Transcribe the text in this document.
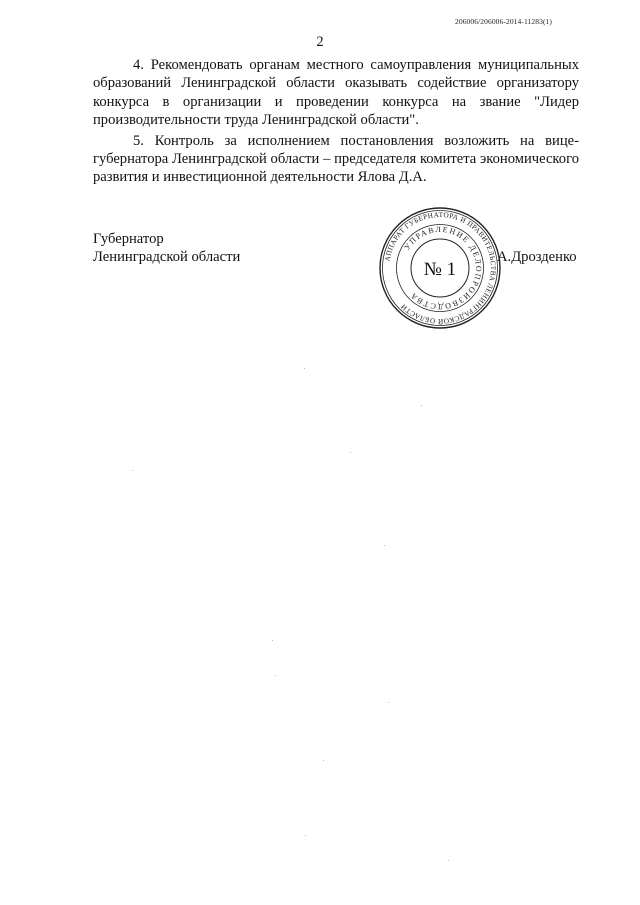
206006/206006-2014-11283(1)
2

4. Рекомендовать органам местного самоуправления муниципальных образований Ленинградской области оказывать содействие организатору конкурса в организации и проведении конкурса на звание "Лидер производительности труда Ленинградской области".

5. Контроль за исполнением постановления возложить на вице-губернатора Ленинградской области – председателя комитета экономического развития и инвестиционной деятельности Ялова Д.А.

Губернатор
Ленинградской области	АППАРАТ ГУБЕРНАТОРА И ПРАВИТЕЛЬСТВА ЛЕНИНГРАДСКОЙ ОБЛАСТИ
УПРАВЛЕНИЕ ДЕЛОПРОИЗВОДСТВА
№ 1
А.Дрозденко
